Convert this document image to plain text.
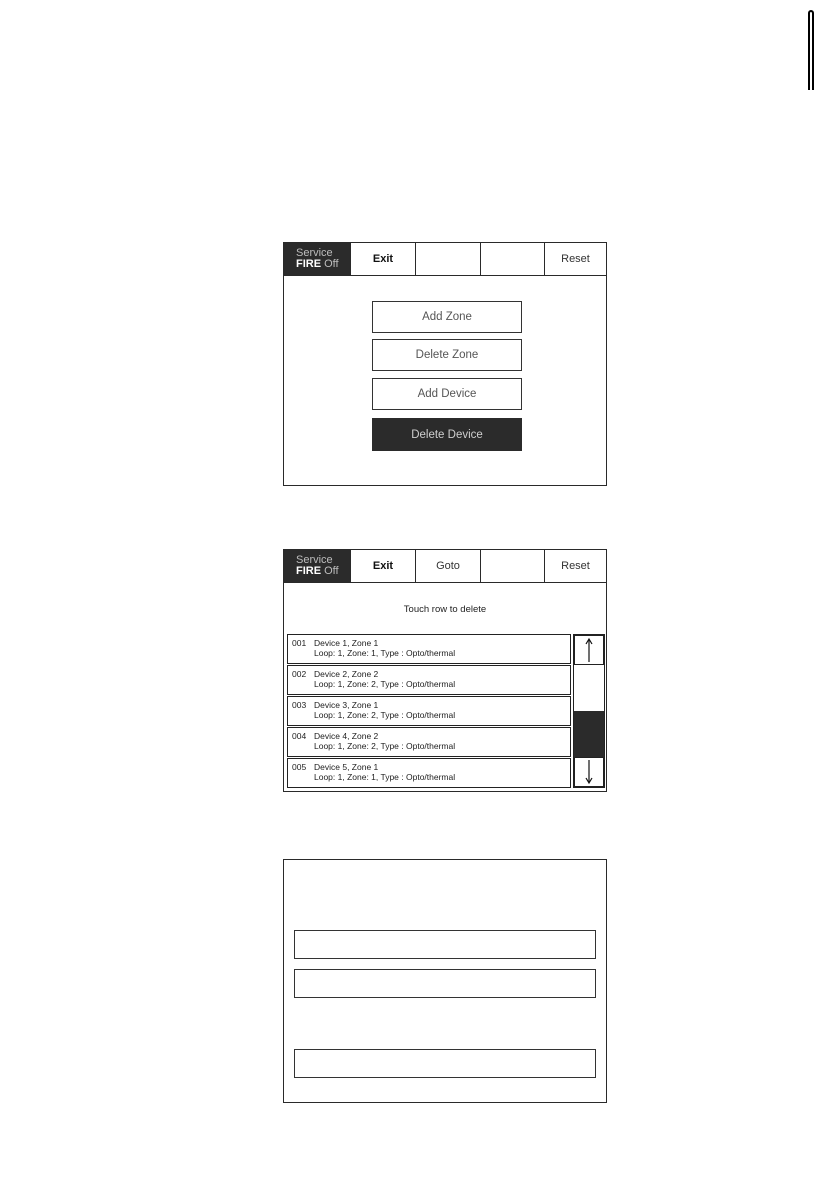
Service
FIRE Off	Exit	Reset
Add Zone
Delete Zone
Add Device
Delete Device
Service
FIRE Off	Exit	Goto	Reset
Touch row to delete
001 Device 1, Zone 1
Loop: 1, Zone: 1, Type : Opto/thermal
002 Device 2, Zone 2
Loop: 1, Zone: 2, Type : Opto/thermal
003 Device 3, Zone 1
Loop: 1, Zone: 2, Type : Opto/thermal
004 Device 4, Zone 2
Loop: 1, Zone: 2, Type : Opto/thermal
005 Device 5, Zone 1
Loop: 1, Zone: 1, Type : Opto/thermal
